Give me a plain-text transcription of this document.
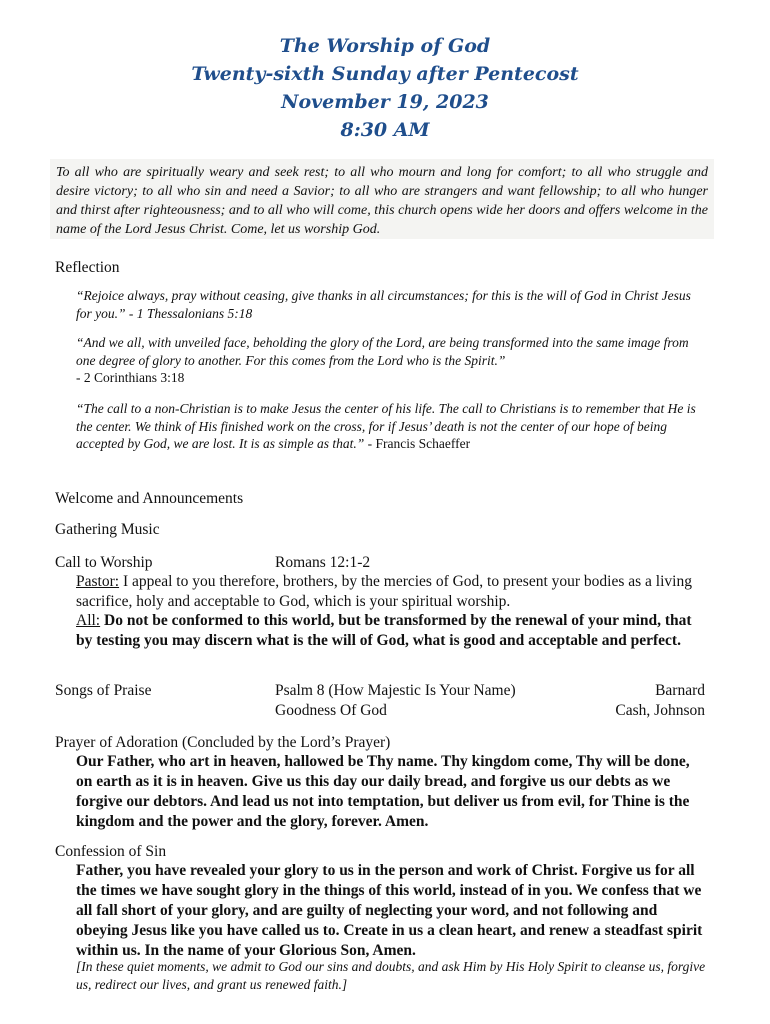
The Worship of God
Twenty-sixth Sunday after Pentecost
November 19, 2023
8:30 AM
To all who are spiritually weary and seek rest; to all who mourn and long for comfort; to all who struggle and desire victory; to all who sin and need a Savior; to all who are strangers and want fellowship; to all who hunger and thirst after righteousness; and to all who will come, this church opens wide her doors and offers welcome in the name of the Lord Jesus Christ. Come, let us worship God.
Reflection
“Rejoice always, pray without ceasing, give thanks in all circumstances; for this is the will of God in Christ Jesus for you.” - 1 Thessalonians 5:18
“And we all, with unveiled face, beholding the glory of the Lord, are being transformed into the same image from one degree of glory to another. For this comes from the Lord who is the Spirit.”
- 2 Corinthians 3:18
“The call to a non-Christian is to make Jesus the center of his life. The call to Christians is to remember that He is the center. We think of His finished work on the cross, for if Jesus’ death is not the center of our hope of being accepted by God, we are lost. It is as simple as that.” - Francis Schaeffer
Welcome and Announcements
Gathering Music
Call to Worship	Romans 12:1-2
Pastor: I appeal to you therefore, brothers, by the mercies of God, to present your bodies as a living sacrifice, holy and acceptable to God, which is your spiritual worship.
All: Do not be conformed to this world, but be transformed by the renewal of your mind, that by testing you may discern what is the will of God, what is good and acceptable and perfect.
Songs of Praise	Psalm 8 (How Majestic Is Your Name)	Barnard
Goodness Of God	Cash, Johnson
Prayer of Adoration (Concluded by the Lord’s Prayer)
Our Father, who art in heaven, hallowed be Thy name. Thy kingdom come, Thy will be done, on earth as it is in heaven. Give us this day our daily bread, and forgive us our debts as we forgive our debtors. And lead us not into temptation, but deliver us from evil, for Thine is the kingdom and the power and the glory, forever. Amen.
Confession of Sin
Father, you have revealed your glory to us in the person and work of Christ. Forgive us for all the times we have sought glory in the things of this world, instead of in you. We confess that we all fall short of your glory, and are guilty of neglecting your word, and not following and obeying Jesus like you have called us to. Create in us a clean heart, and renew a steadfast spirit within us. In the name of your Glorious Son, Amen.
[In these quiet moments, we admit to God our sins and doubts, and ask Him by His Holy Spirit to cleanse us, forgive us, redirect our lives, and grant us renewed faith.]
